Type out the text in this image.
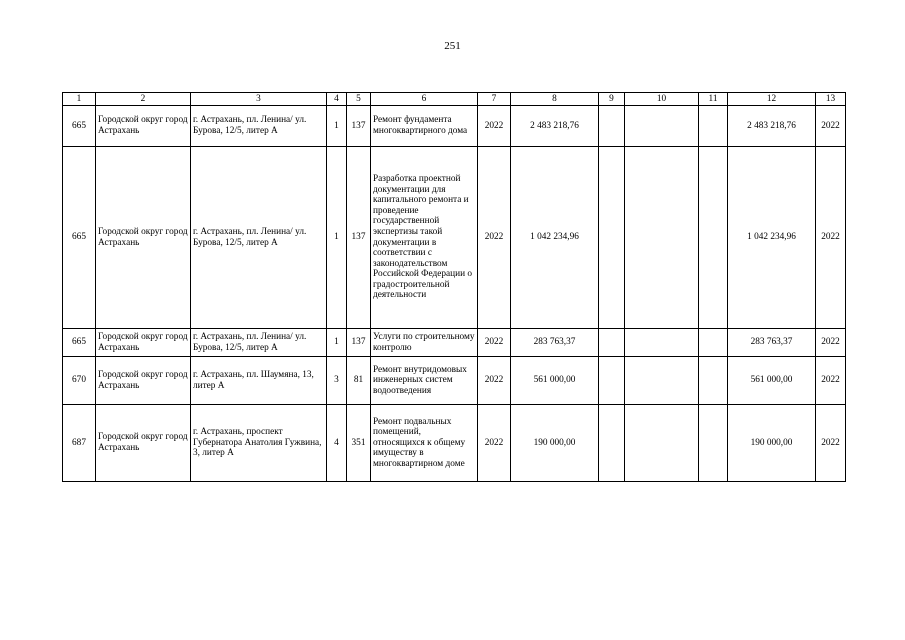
251
1	2	3	4	5	6	7	8	9	10	11	12	13
665	Городской округ город Астрахань	г. Астрахань, пл. Ленина/ ул. Бурова, 12/5, литер А	1	137	Ремонт фундамента многоквартирного дома	2022	2 483 218,76				2 483 218,76	2022
665	Городской округ город Астрахань	г. Астрахань, пл. Ленина/ ул. Бурова, 12/5, литер А	1	137	Разработка проектной документации для капитального ремонта и проведение государственной экспертизы такой документации в соответствии с законодательством Российской Федерации о градостроительной деятельности	2022	1 042 234,96				1 042 234,96	2022
665	Городской округ город Астрахань	г. Астрахань, пл. Ленина/ ул. Бурова, 12/5, литер А	1	137	Услуги по строительному контролю	2022	283 763,37				283 763,37	2022
670	Городской округ город Астрахань	г. Астрахань, пл. Шаумяна, 13, литер А	3	81	Ремонт внутридомовых инженерных систем водоотведения	2022	561 000,00				561 000,00	2022
687	Городской округ город Астрахань	г. Астрахань, проспект Губернатора Анатолия Гужвина, 3, литер А	4	351	Ремонт подвальных помещений, относящихся к общему имуществу в многоквартирном доме	2022	190 000,00				190 000,00	2022
